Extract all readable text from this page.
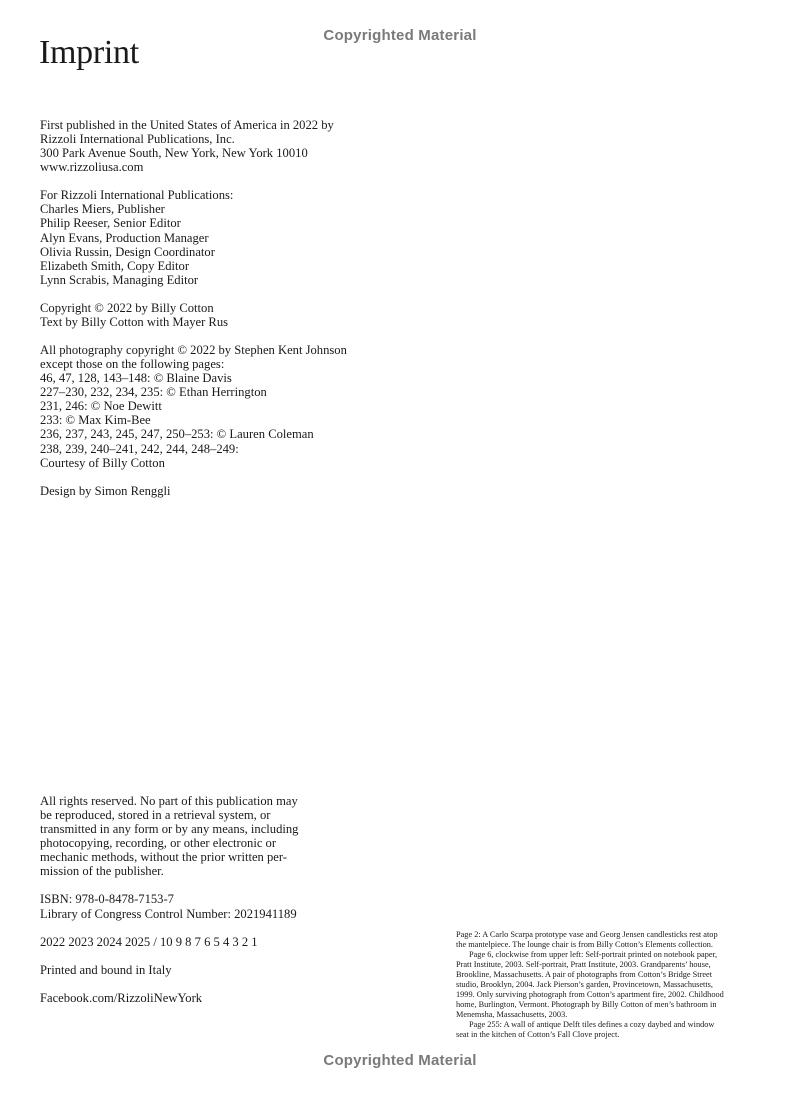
Copyrighted Material
Imprint

First published in the United States of America in 2022 by

Rizzoli International Publications, Inc.

300 Park Avenue South, New York, New York 10010

www.rizzoliusa.com

For Rizzoli International Publications:

Charles Miers, Publisher

Philip Reeser, Senior Editor

Alyn Evans, Production Manager

Olivia Russin, Design Coordinator

Elizabeth Smith, Copy Editor

Lynn Scrabis, Managing Editor

Copyright © 2022 by Billy Cotton

Text by Billy Cotton with Mayer Rus

All photography copyright © 2022 by Stephen Kent Johnson

except those on the following pages:

46, 47, 128, 143–148: © Blaine Davis

227–230, 232, 234, 235: © Ethan Herrington

231, 246: © Noe Dewitt

233: © Max Kim-Bee

236, 237, 243, 245, 247, 250–253: © Lauren Coleman

238, 239, 240–241, 242, 244, 248–249:

Courtesy of Billy Cotton

Design by Simon Renggli

All rights reserved. No part of this publication may

be reproduced, stored in a retrieval system, or

transmitted in any form or by any means, including

photocopying, recording, or other electronic or

mechanic methods, without the prior written per-

mission of the publisher.

ISBN: 978-0-8478-7153-7

Library of Congress Control Number: 2021941189

2022 2023 2024 2025 / 10 9 8 7 6 5 4 3 2 1

Printed and bound in Italy

Facebook.com/RizzoliNewYork

Page 2: A Carlo Scarpa prototype vase and Georg Jensen candlesticks rest atop the mantelpiece. The lounge chair is from Billy Cotton’s Elements collection.

Page 6, clockwise from upper left: Self-portrait printed on notebook paper, Pratt Institute, 2003. Self-portrait, Pratt Institute, 2003. Grandparents’ house, Brookline, Massachusetts. A pair of photographs from Cotton’s Bridge Street studio, Brooklyn, 2004. Jack Pierson’s garden, Provincetown, Massachusetts, 1999. Only surviving photograph from Cotton’s apartment fire, 2002. Childhood home, Burlington, Vermont. Photograph by Billy Cotton of men’s bathroom in Menemsha, Massachusetts, 2003.

Page 255: A wall of antique Delft tiles defines a cozy daybed and window seat in the kitchen of Cotton’s Fall Clove project.

Copyrighted Material
